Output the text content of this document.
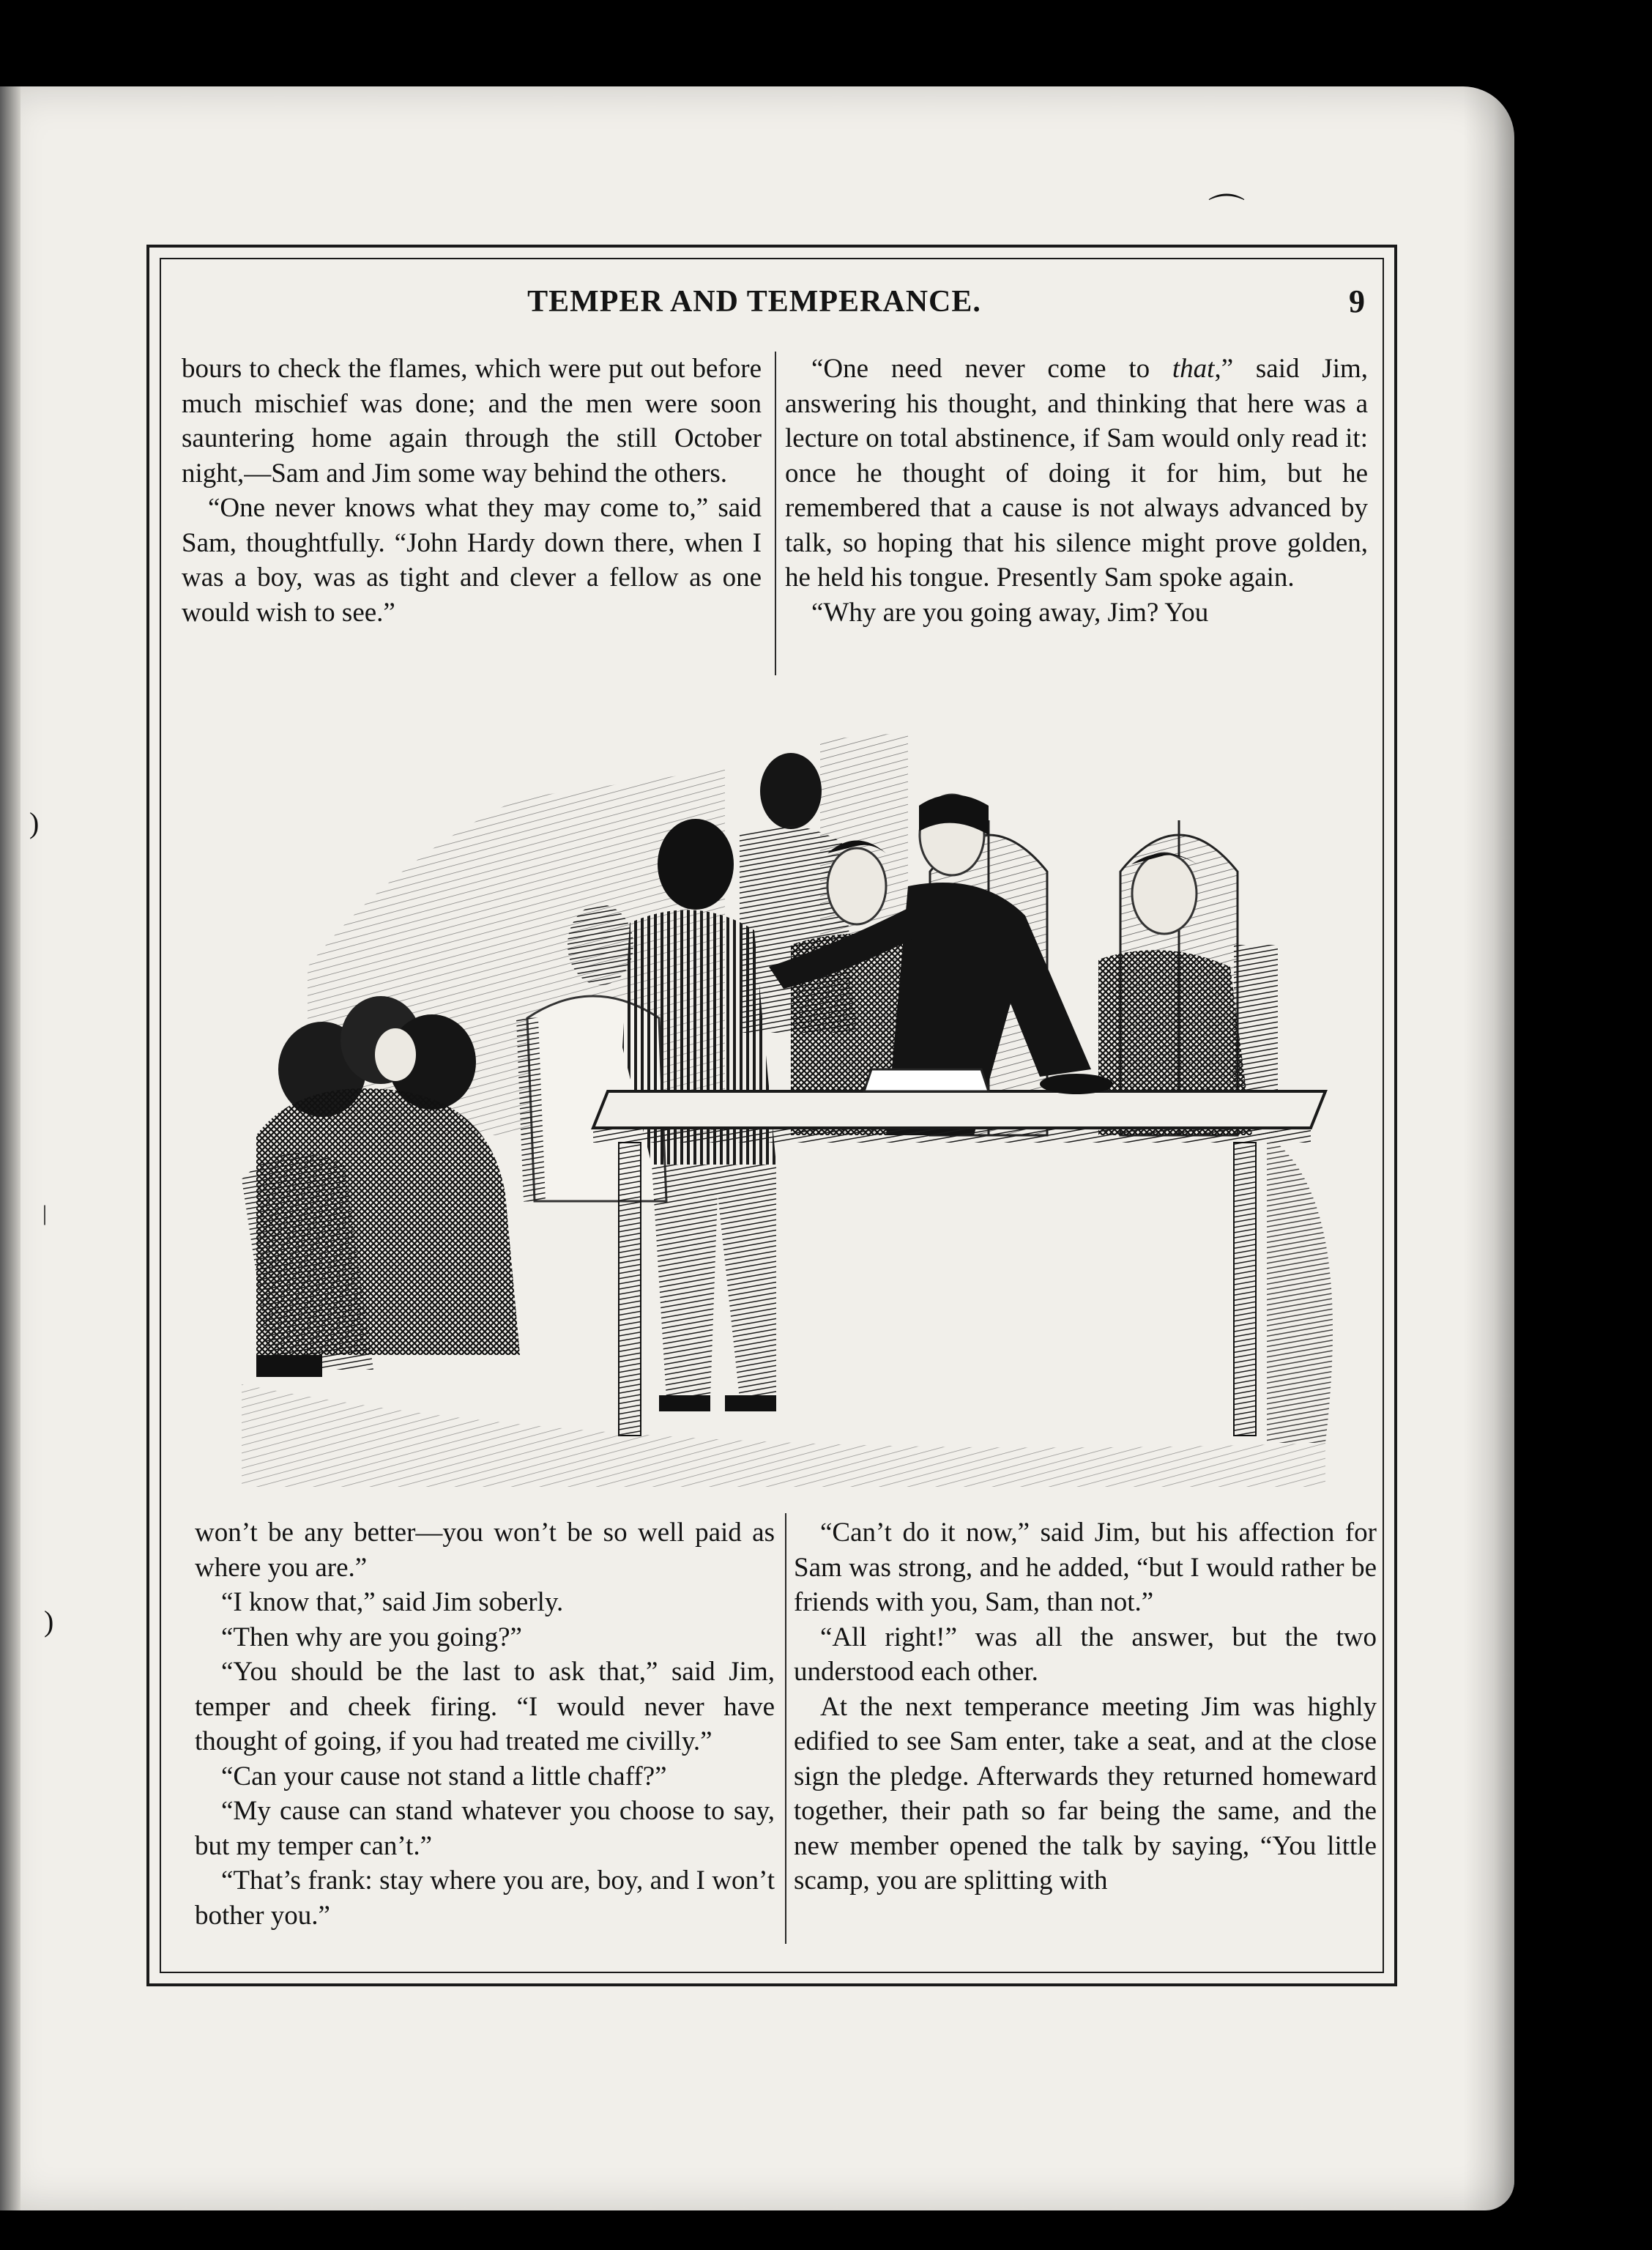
TEMPER AND TEMPERANCE.	9

bours to check the flames, which were put out before much mischief was done; and the men were soon sauntering home again through the still October night,—Sam and Jim some way behind the others.

“One never knows what they may come to,” said Sam, thoughtfully. “John Hardy down there, when I was a boy, was as tight and clever a fellow as one would wish to see.”

“One need never come to that,” said Jim, answering his thought, and thinking that here was a lecture on total abstinence, if Sam would only read it: once he thought of doing it for him, but he remembered that a cause is not always advanced by talk, so hoping that his silence might prove golden, he held his tongue. Presently Sam spoke again.

“Why are you going away, Jim? You

won’t be any better—you won’t be so well paid as where you are.”

“I know that,” said Jim soberly.

“Then why are you going?”

“You should be the last to ask that,” said Jim, temper and cheek firing. “I would never have thought of going, if you had treated me civilly.”

“Can your cause not stand a little chaff?”

“My cause can stand whatever you choose to say, but my temper can’t.”

“That’s frank: stay where you are, boy, and I won’t bother you.”

“Can’t do it now,” said Jim, but his affection for Sam was strong, and he added, “but I would rather be friends with you, Sam, than not.”

“All right!” was all the answer, but the two understood each other.

At the next temperance meeting Jim was highly edified to see Sam enter, take a seat, and at the close sign the pledge. Afterwards they returned homeward together, their path so far being the same, and the new member opened the talk by saying, “You little scamp, you are splitting with

)
)
|
⌒
